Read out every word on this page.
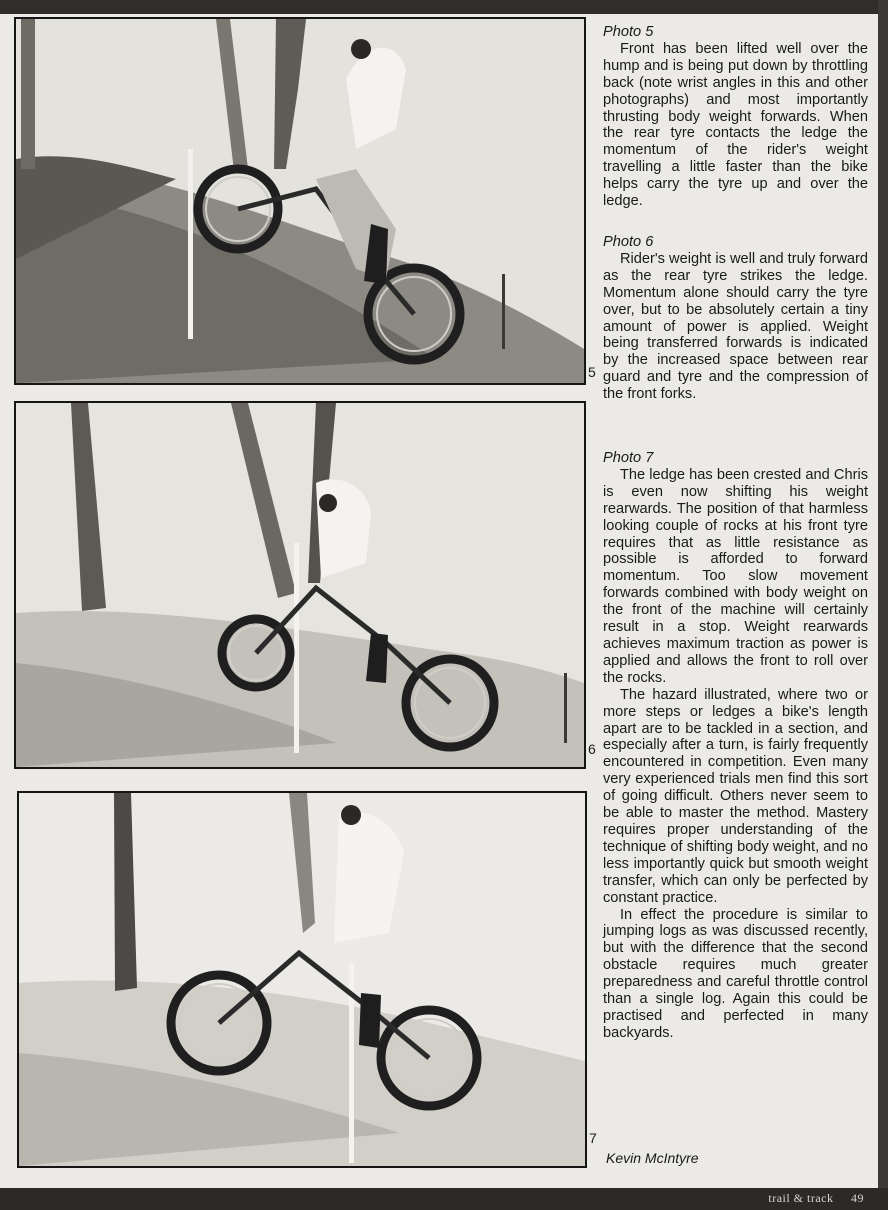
5
6
7
Photo 5

Front has been lifted well over the hump and is being put down by throttling back (note wrist angles in this and other photographs) and most importantly thrusting body weight forwards. When the rear tyre contacts the ledge the momentum of the rider's weight travelling a little faster than the bike helps carry the tyre up and over the ledge.

Photo 6

Rider's weight is well and truly forward as the rear tyre strikes the ledge. Momentum alone should carry the tyre over, but to be absolutely certain a tiny amount of power is applied. Weight being transferred forwards is indicated by the increased space between rear guard and tyre and the compression of the front forks.

Photo 7

The ledge has been crested and Chris is even now shifting his weight rearwards. The position of that harmless looking couple of rocks at his front tyre requires that as little resistance as possible is afforded to forward momentum. Too slow movement forwards combined with body weight on the front of the machine will certainly result in a stop. Weight rearwards achieves maximum traction as power is applied and allows the front to roll over the rocks.

The hazard illustrated, where two or more steps or ledges a bike's length apart are to be tackled in a section, and especially after a turn, is fairly frequently encountered in competition. Even many very experienced trials men find this sort of going difficult. Others never seem to be able to master the method. Mastery requires proper understanding of the technique of shifting body weight, and no less importantly quick but smooth weight transfer, which can only be perfected by constant practice.

In effect the procedure is similar to jumping logs as was discussed recently, but with the difference that the second obstacle requires much greater preparedness and careful throttle control than a single log. Again this could be practised and perfected in many backyards.

Kevin McIntyre
trail & track 49
